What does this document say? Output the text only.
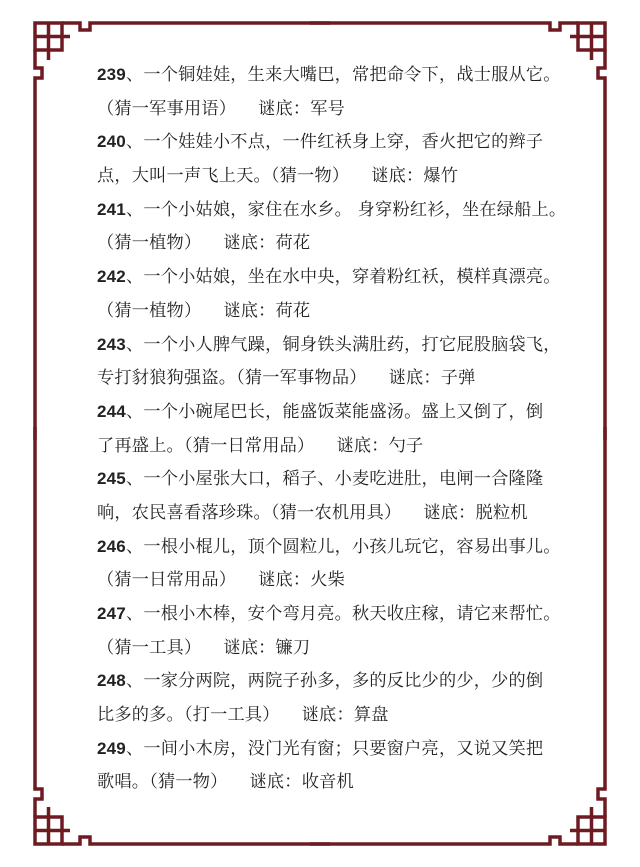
239、一个铜娃娃，生来大嘴巴，常把命令下，战士服从它。
（猜一军事用语） 谜底：军号
240、一个娃娃小不点，一件红袄身上穿，香火把它的辫子
点，大叫一声飞上天。（猜一物） 谜底：爆竹
241、一个小姑娘，家住在水乡。 身穿粉红衫，坐在绿船上。
（猜一植物） 谜底：荷花
242、一个小姑娘，坐在水中央，穿着粉红袄，模样真漂亮。
（猜一植物） 谜底：荷花
243、一个小人脾气躁，铜身铁头满肚药，打它屁股脑袋飞，
专打豺狼狗强盗。（猜一军事物品） 谜底：子弹
244、一个小碗尾巴长，能盛饭菜能盛汤。盛上又倒了，倒
了再盛上。（猜一日常用品） 谜底：勺子
245、一个小屋张大口，稻子、小麦吃进肚，电闸一合隆隆
响，农民喜看落珍珠。（猜一农机用具） 谜底：脱粒机
246、一根小棍儿，顶个圆粒儿，小孩儿玩它，容易出事儿。
（猜一日常用品） 谜底：火柴
247、一根小木棒，安个弯月亮。秋天收庄稼，请它来帮忙。
（猜一工具） 谜底：镰刀
248、一家分两院，两院子孙多，多的反比少的少，少的倒
比多的多。（打一工具） 谜底：算盘
249、一间小木房，没门光有窗；只要窗户亮，又说又笑把
歌唱。（猜一物） 谜底：收音机
